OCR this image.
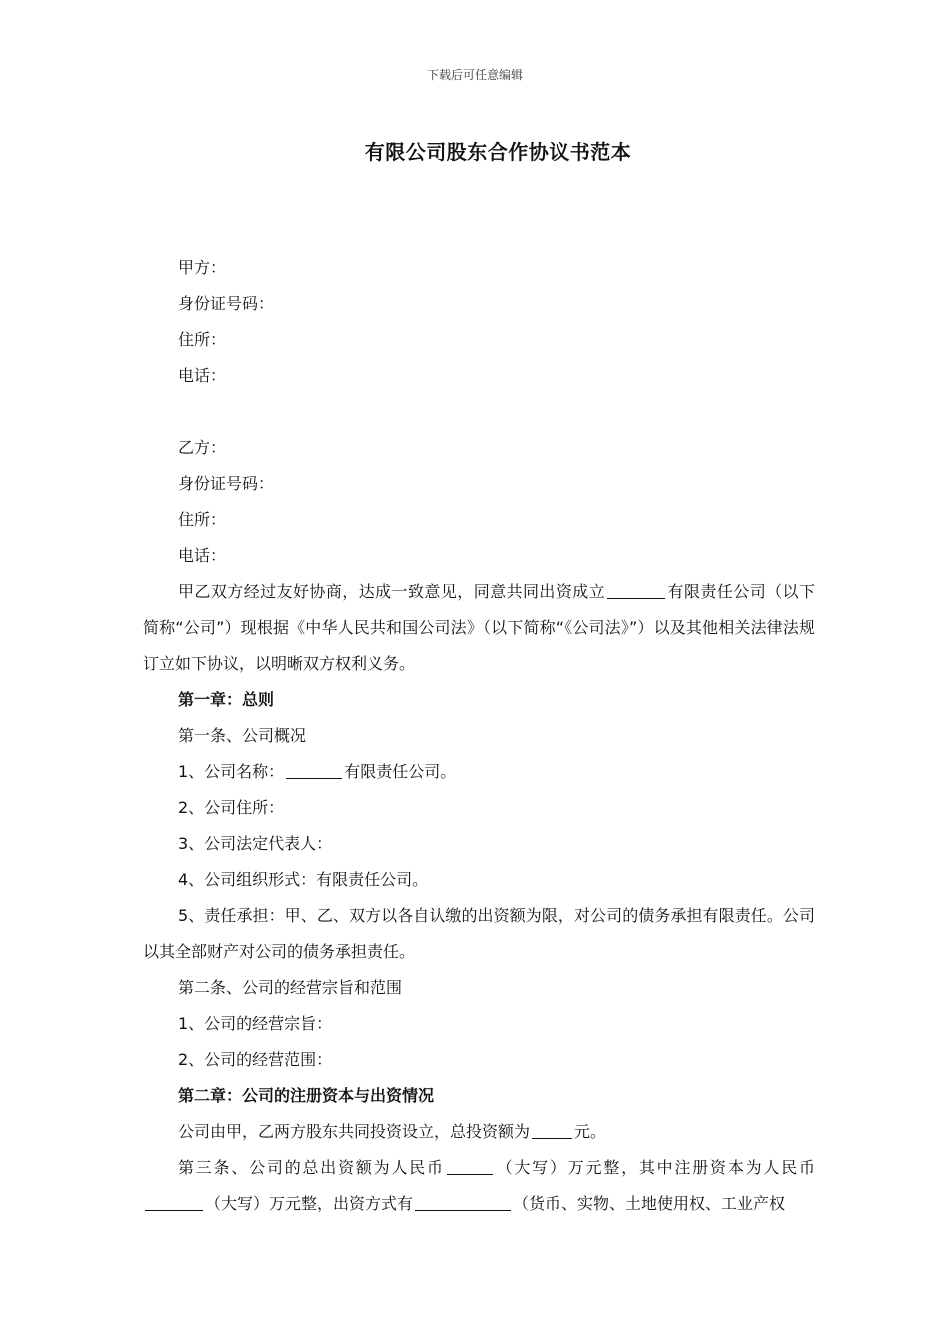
下载后可任意编辑
有限公司股东合作协议书范本
甲方：
身份证号码：
住所：
电话：
乙方：
身份证号码：
住所：
电话：
甲乙双方经过友好协商，达成一致意见，同意共同出资成立	有限责任公司（以下简称“公司”）现根据《中华人民共和国公司法》（以下简称“《公司法》”）以及其他相关法律法规订立如下协议，以明晰双方权利义务。
第一章：总则
第一条、公司概况
1、公司名称：	有限责任公司。
2、公司住所：
3、公司法定代表人：
4、公司组织形式：有限责任公司。
5、责任承担：甲、乙、双方以各自认缴的出资额为限，对公司的债务承担有限责任。公司以其全部财产对公司的债务承担责任。
第二条、公司的经营宗旨和范围
1、公司的经营宗旨：
2、公司的经营范围：
第二章：公司的注册资本与出资情况
公司由甲，乙两方股东共同投资设立，总投资额为	元。
第三条、公司的总出资额为人民币	（大写）万元整，其中注册资本为人民币（大写）万元整，出资方式有	（货币、实物、土地使用权、工业产权
